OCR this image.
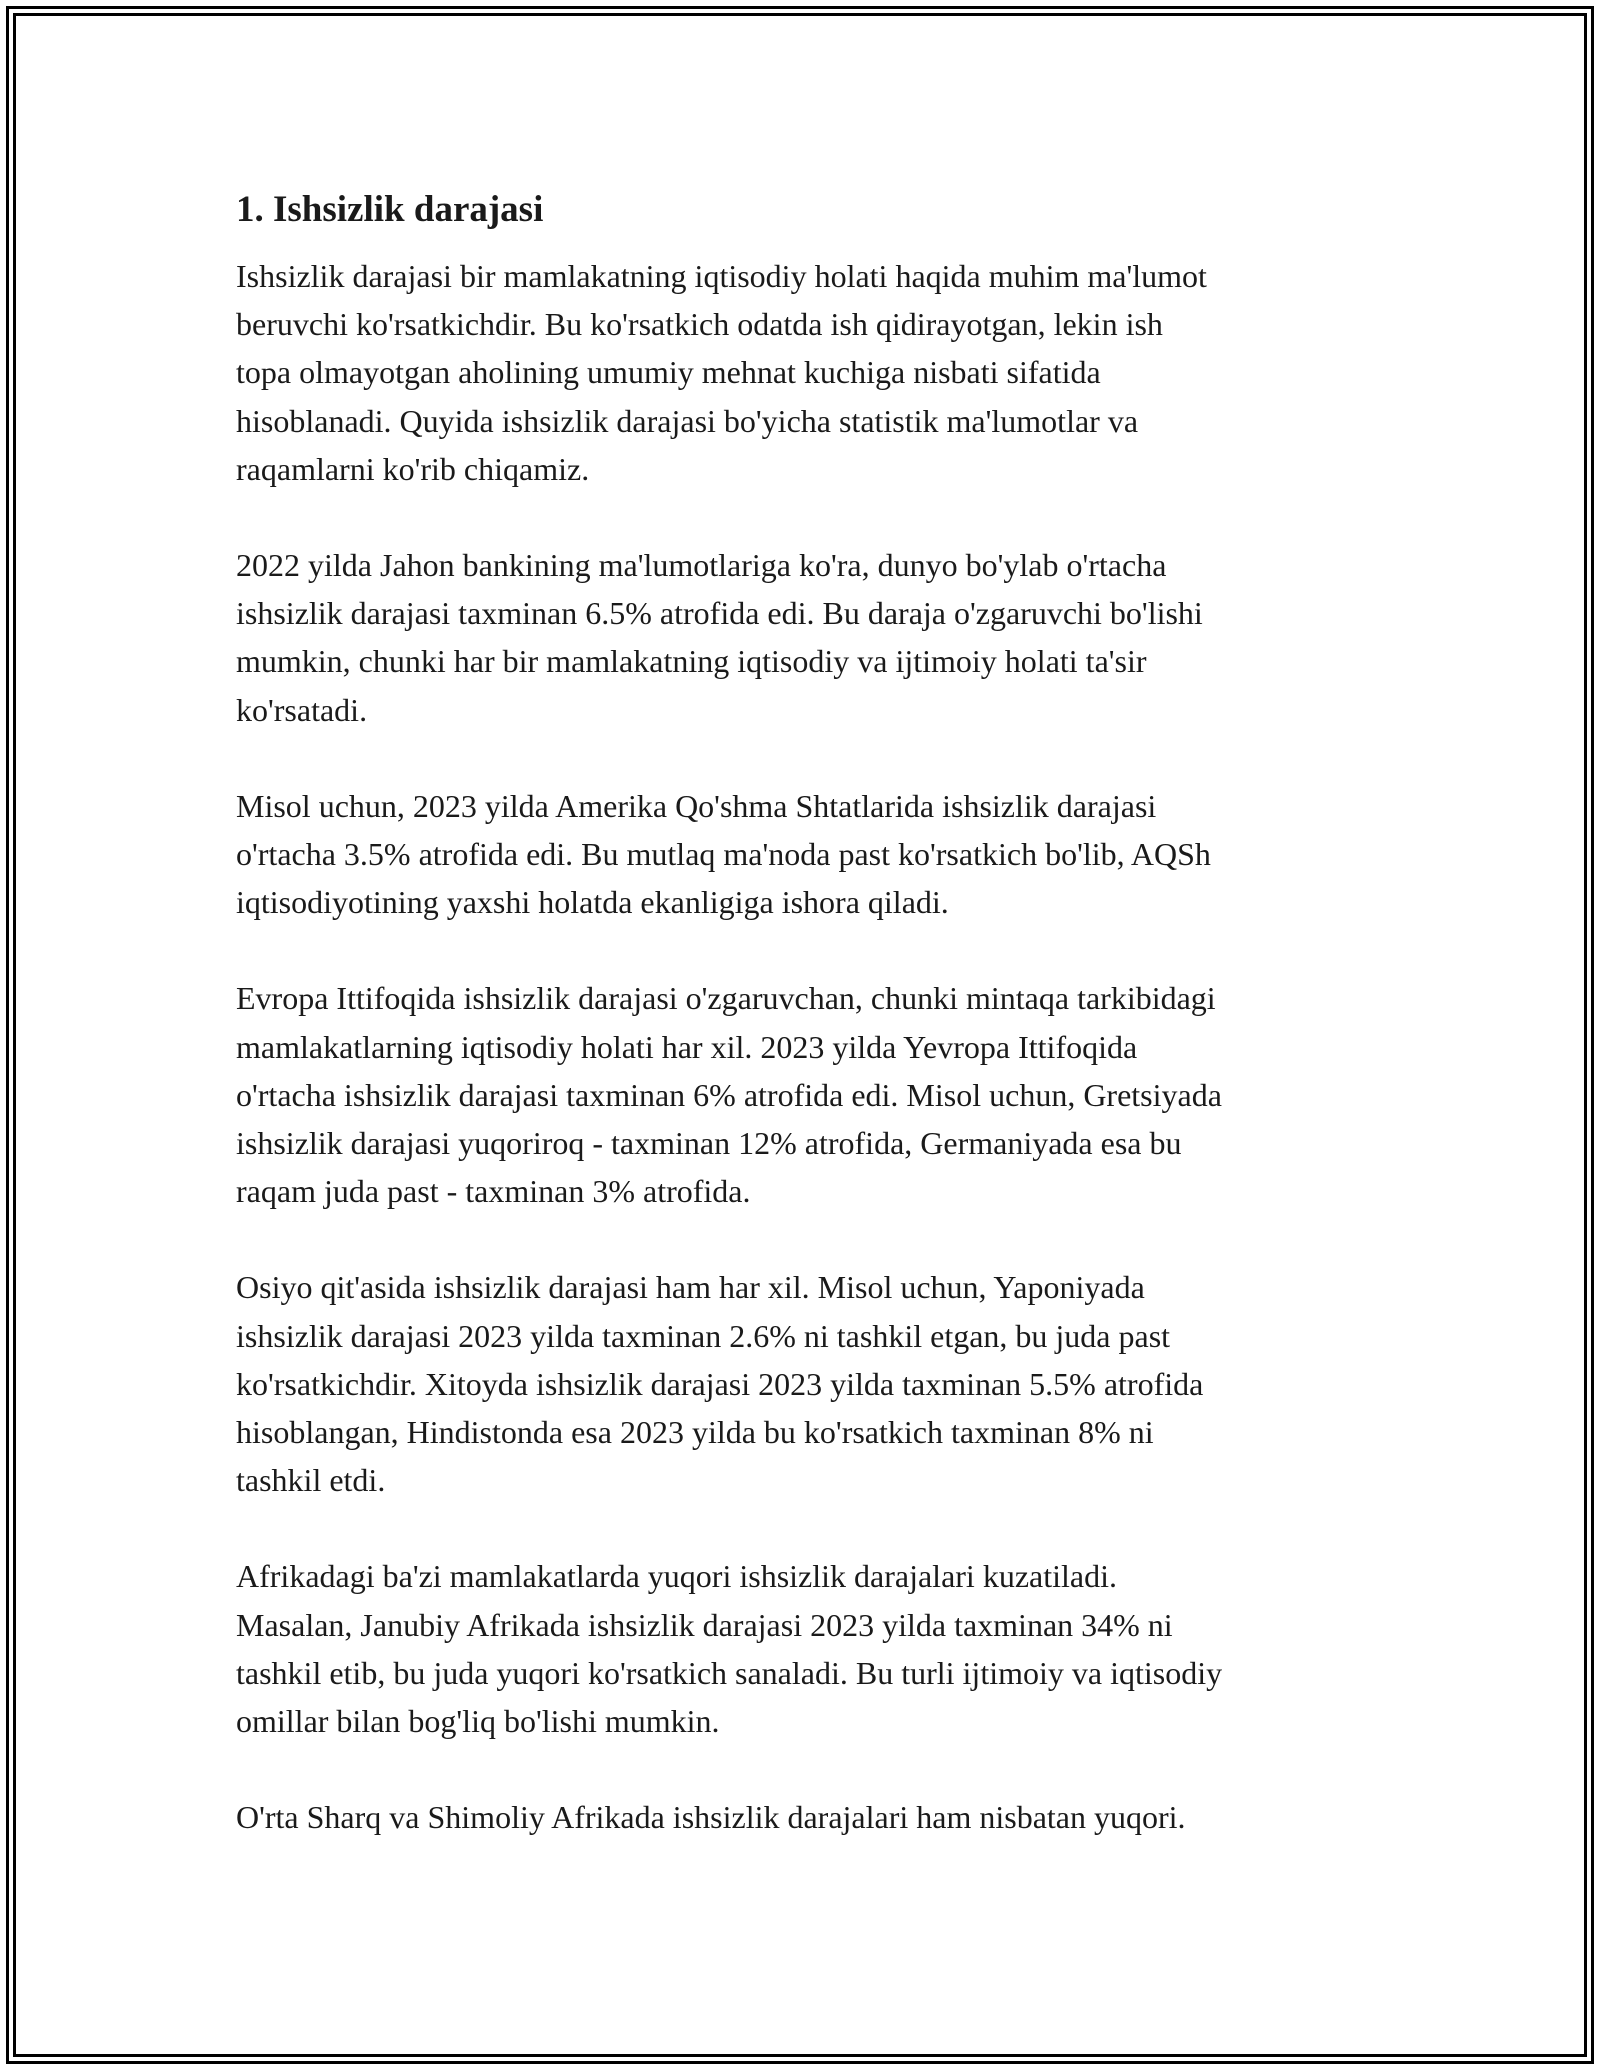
1. Ishsizlik darajasi

Ishsizlik darajasi bir mamlakatning iqtisodiy holati haqida muhim ma'lumot
beruvchi ko'rsatkichdir. Bu ko'rsatkich odatda ish qidirayotgan, lekin ish
topa olmayotgan aholining umumiy mehnat kuchiga nisbati sifatida
hisoblanadi. Quyida ishsizlik darajasi bo'yicha statistik ma'lumotlar va
raqamlarni ko'rib chiqamiz.

2022 yilda Jahon bankining ma'lumotlariga ko'ra, dunyo bo'ylab o'rtacha
ishsizlik darajasi taxminan 6.5% atrofida edi. Bu daraja o'zgaruvchi bo'lishi
mumkin, chunki har bir mamlakatning iqtisodiy va ijtimoiy holati ta'sir
ko'rsatadi.

Misol uchun, 2023 yilda Amerika Qo'shma Shtatlarida ishsizlik darajasi
o'rtacha 3.5% atrofida edi. Bu mutlaq ma'noda past ko'rsatkich bo'lib, AQSh
iqtisodiyotining yaxshi holatda ekanligiga ishora qiladi.

Evropa Ittifoqida ishsizlik darajasi o'zgaruvchan, chunki mintaqa tarkibidagi
mamlakatlarning iqtisodiy holati har xil. 2023 yilda Yevropa Ittifoqida
o'rtacha ishsizlik darajasi taxminan 6% atrofida edi. Misol uchun, Gretsiyada
ishsizlik darajasi yuqoriroq - taxminan 12% atrofida, Germaniyada esa bu
raqam juda past - taxminan 3% atrofida.

Osiyo qit'asida ishsizlik darajasi ham har xil. Misol uchun, Yaponiyada
ishsizlik darajasi 2023 yilda taxminan 2.6% ni tashkil etgan, bu juda past
ko'rsatkichdir. Xitoyda ishsizlik darajasi 2023 yilda taxminan 5.5% atrofida
hisoblangan, Hindistonda esa 2023 yilda bu ko'rsatkich taxminan 8% ni
tashkil etdi.

Afrikadagi ba'zi mamlakatlarda yuqori ishsizlik darajalari kuzatiladi.
Masalan, Janubiy Afrikada ishsizlik darajasi 2023 yilda taxminan 34% ni
tashkil etib, bu juda yuqori ko'rsatkich sanaladi. Bu turli ijtimoiy va iqtisodiy
omillar bilan bog'liq bo'lishi mumkin.

O'rta Sharq va Shimoliy Afrikada ishsizlik darajalari ham nisbatan yuqori.
